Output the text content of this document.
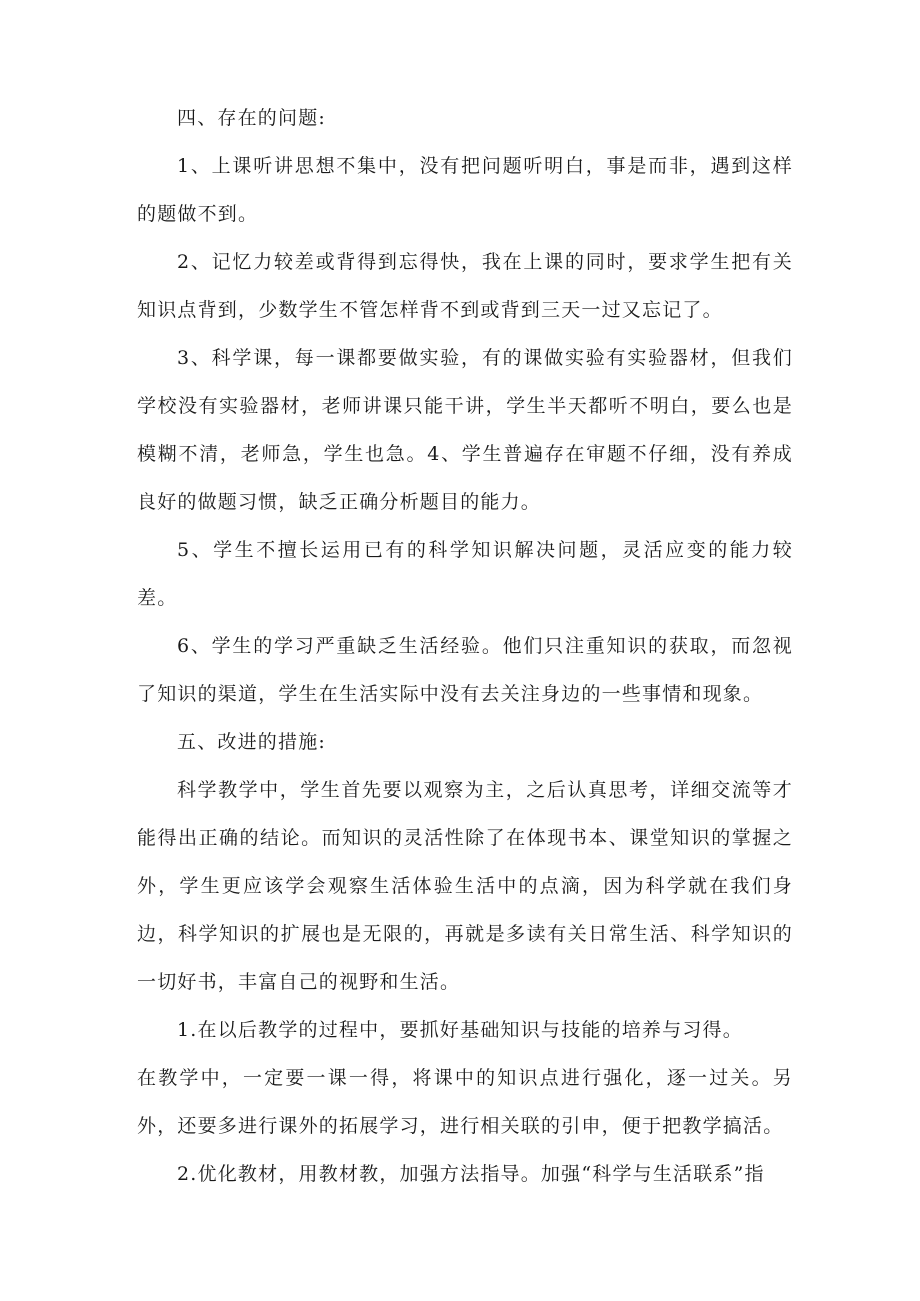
四、存在的问题:

1、上课听讲思想不集中，没有把问题听明白，事是而非，遇到这样的题做不到。

2、记忆力较差或背得到忘得快，我在上课的同时，要求学生把有关知识点背到，少数学生不管怎样背不到或背到三天一过又忘记了。

3、科学课，每一课都要做实验，有的课做实验有实验器材，但我们学校没有实验器材，老师讲课只能干讲，学生半天都听不明白，要么也是模糊不清，老师急，学生也急。4、学生普遍存在审题不仔细，没有养成良好的做题习惯，缺乏正确分析题目的能力。

5、学生不擅长运用已有的科学知识解决问题，灵活应变的能力较差。

6、学生的学习严重缺乏生活经验。他们只注重知识的获取，而忽视了知识的渠道，学生在生活实际中没有去关注身边的一些事情和现象。

五、改进的措施:

科学教学中，学生首先要以观察为主，之后认真思考，详细交流等才能得出正确的结论。而知识的灵活性除了在体现书本、课堂知识的掌握之外，学生更应该学会观察生活体验生活中的点滴，因为科学就在我们身边，科学知识的扩展也是无限的，再就是多读有关日常生活、科学知识的一切好书，丰富自己的视野和生活。

1.在以后教学的过程中，要抓好基础知识与技能的培养与习得。

在教学中，一定要一课一得，将课中的知识点进行强化，逐一过关。另外，还要多进行课外的拓展学习，进行相关联的引申，便于把教学搞活。

2.优化教材，用教材教，加强方法指导。加强“科学与生活联系”指
